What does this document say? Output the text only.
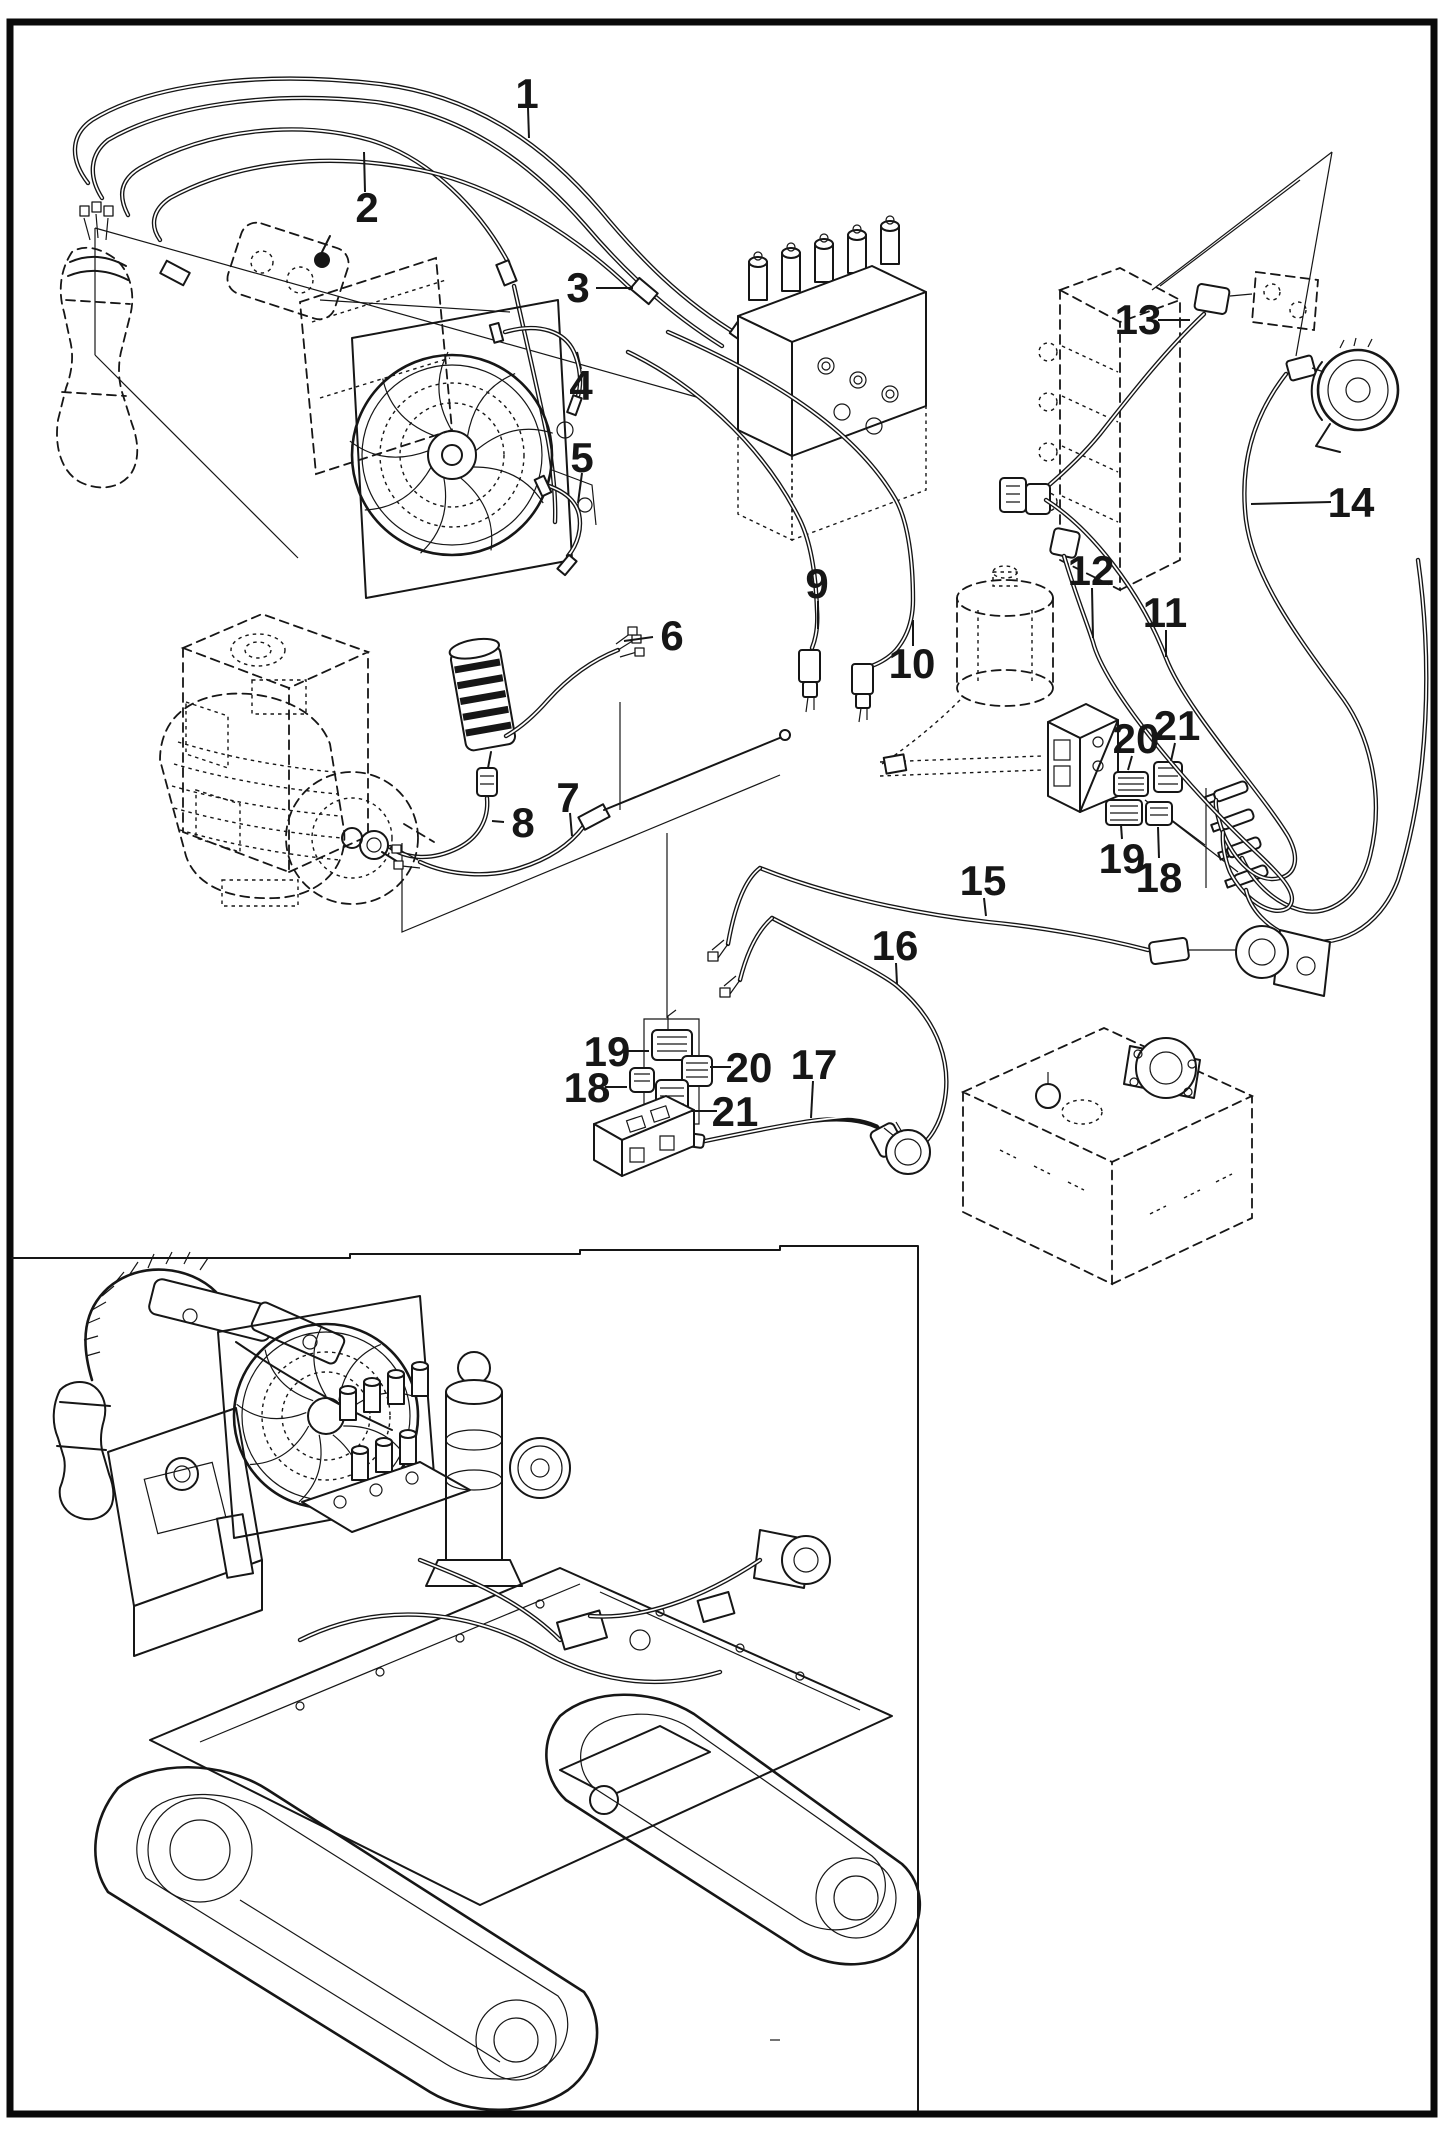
1
2
3
4
5
6
7
8
9
10
11
12
13
14
15
16
17
18
19
20
21
18
19 20
21
